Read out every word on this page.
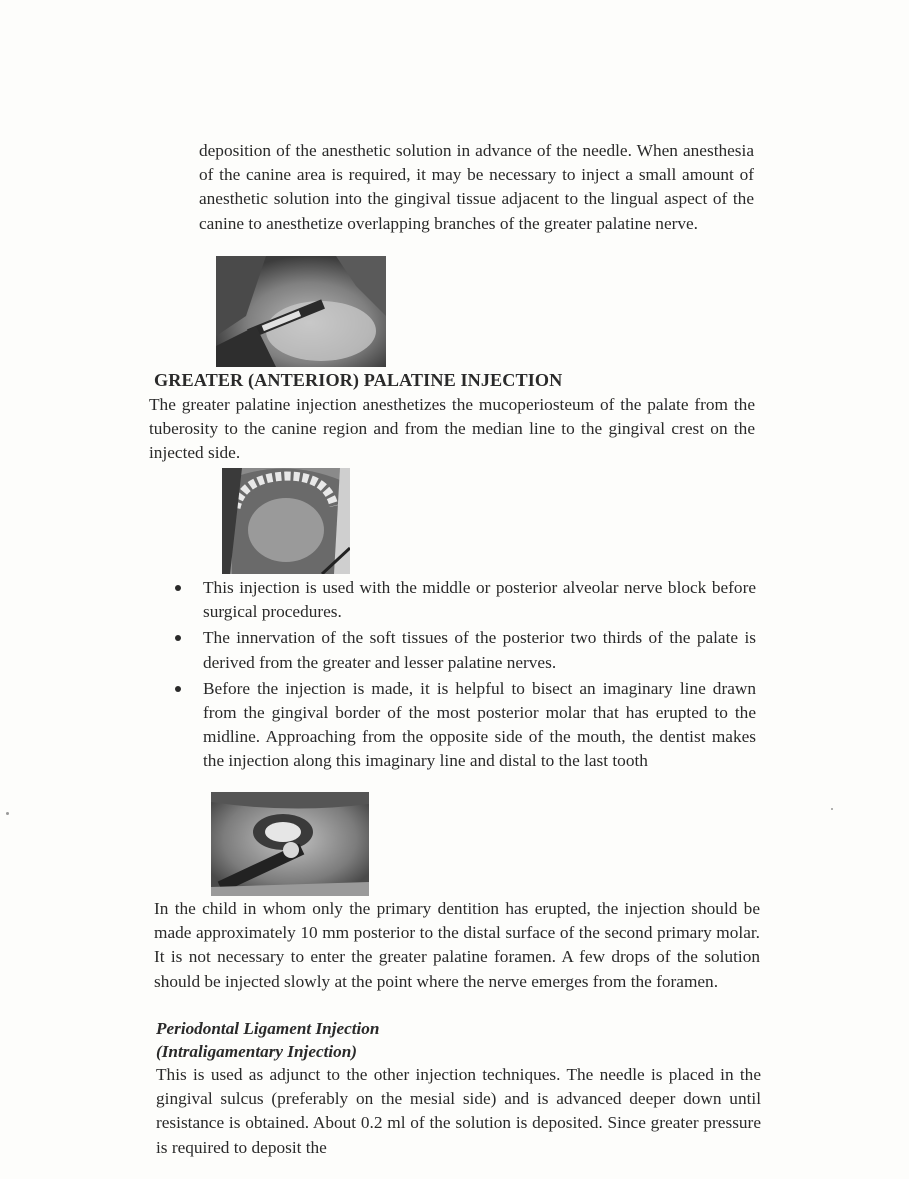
deposition of the anesthetic solution in advance of the needle. When anesthesia of the canine area is required, it may be necessary to inject a small amount of anesthetic solution into the gingival tissue adjacent to the lingual aspect of the canine to anesthetize overlapping branches of the greater palatine nerve.

GREATER (ANTERIOR) PALATINE INJECTION

The greater palatine injection anesthetizes the mucoperiosteum of the palate from the tuberosity to the canine region and from the median line to the gingival crest on the injected side.

This injection is used with the middle or posterior alveolar nerve block before surgical procedures.
The innervation of the soft tissues of the posterior two thirds of the palate is derived from the greater and lesser palatine nerves.
Before the injection is made, it is helpful to bisect an imaginary line drawn from the gingival border of the most posterior molar that has erupted to the midline. Approaching from the opposite side of the mouth, the dentist makes the injection along this imaginary line and distal to the last tooth

In the child in whom only the primary dentition has erupted, the injection should be made approximately 10 mm posterior to the distal surface of the second primary molar. It is not necessary to enter the greater palatine foramen. A few drops of the solution should be injected slowly at the point where the nerve emerges from the foramen.

Periodontal Ligament Injection
(Intraligamentary Injection)

This is used as adjunct to the other injection techniques. The needle is placed in the gingival sulcus (preferably on the mesial side) and is advanced deeper down until resistance is obtained. About 0.2 ml of the solution is deposited. Since greater pressure is required to deposit the
